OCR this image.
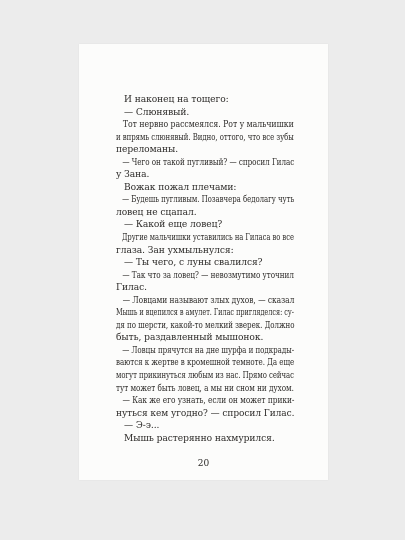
И наконец на тощего:
— Слюнявый.
Тот нервно рассмеялся. Рот у мальчишки
и впрямь слюнявый. Видно, оттого, что все зубы
переломаны.
— Чего он такой пугливый? — спросил Гилас
у Зана.
Вожак пожал плечами:
— Будешь пугливым. Позавчера бедолагу чуть
ловец не сцапал.
— Какой еще ловец?
Другие мальчишки уставились на Гиласа во все
глаза. Зан ухмыльнулся:
— Ты чего, с луны свалился?
— Так что за ловец? — невозмутимо уточнил
Гилас.
— Ловцами называют злых духов, — сказал
Мышь и вцепился в амулет. Гилас пригляделся: су-
дя по шерсти, какой-то мелкий зверек. Должно
быть, раздавленный мышонок.
— Ловцы прячутся на дне шурфа и подкрады-
ваются к жертве в кромешной темноте. Да еще
могут прикинуться любым из нас. Прямо сейчас
тут может быть ловец, а мы ни сном ни духом.
— Как же его узнать, если он может прики-
нуться кем угодно? — спросил Гилас.
— Э-э...
Мышь растерянно нахмурился.
20
